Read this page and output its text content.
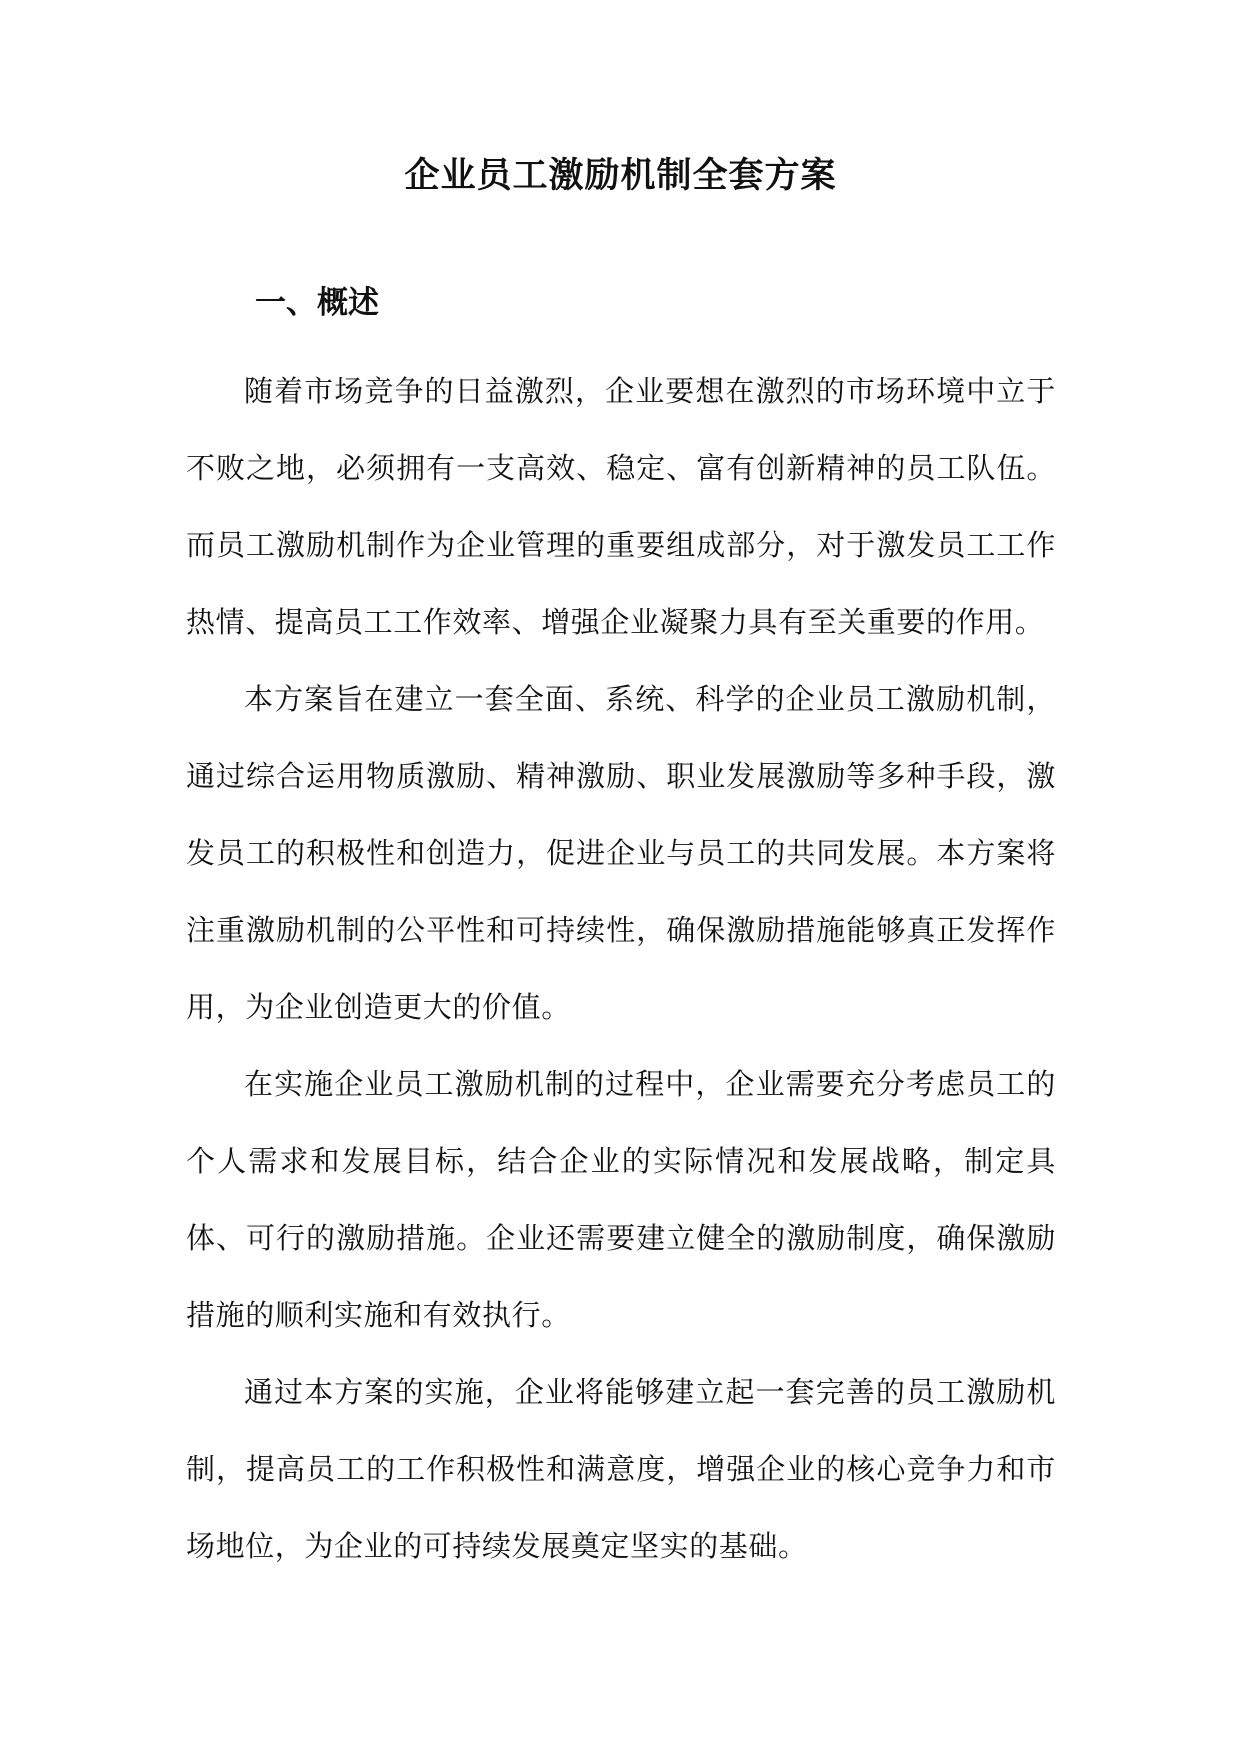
企业员工激励机制全套方案
一、概述

随着市场竞争的日益激烈，企业要想在激烈的市场环境中立于不败之地，必须拥有一支高效、稳定、富有创新精神的员工队伍。而员工激励机制作为企业管理的重要组成部分，对于激发员工工作热情、提高员工工作效率、增强企业凝聚力具有至关重要的作用。

本方案旨在建立一套全面、系统、科学的企业员工激励机制，通过综合运用物质激励、精神激励、职业发展激励等多种手段，激发员工的积极性和创造力，促进企业与员工的共同发展。本方案将注重激励机制的公平性和可持续性，确保激励措施能够真正发挥作用，为企业创造更大的价值。

在实施企业员工激励机制的过程中，企业需要充分考虑员工的个人需求和发展目标，结合企业的实际情况和发展战略，制定具体、可行的激励措施。企业还需要建立健全的激励制度，确保激励措施的顺利实施和有效执行。

通过本方案的实施，企业将能够建立起一套完善的员工激励机制，提高员工的工作积极性和满意度，增强企业的核心竞争力和市场地位，为企业的可持续发展奠定坚实的基础。
